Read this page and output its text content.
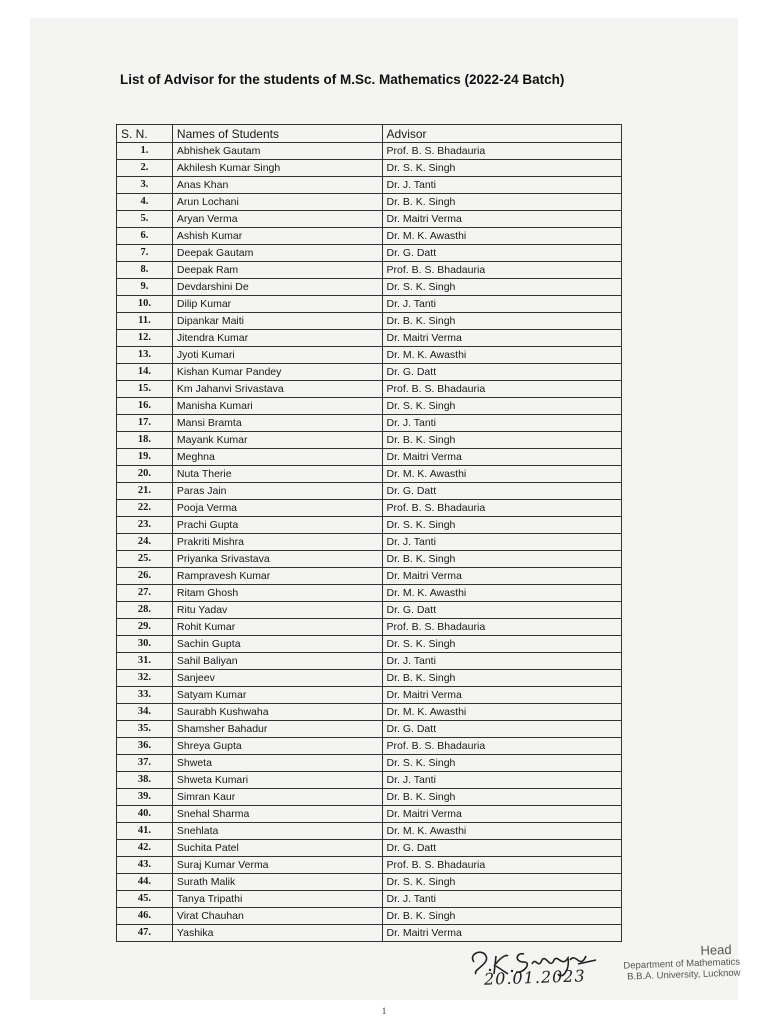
List of Advisor for the students of M.Sc. Mathematics (2022-24 Batch)
S. N.	Names of Students	Advisor
1.	Abhishek Gautam	Prof. B. S. Bhadauria
2.	Akhilesh Kumar Singh	Dr. S. K. Singh
3.	Anas Khan	Dr. J. Tanti
4.	Arun Lochani	Dr. B. K. Singh
5.	Aryan Verma	Dr. Maitri Verma
6.	Ashish Kumar	Dr. M. K. Awasthi
7.	Deepak Gautam	Dr. G. Datt
8.	Deepak Ram	Prof. B. S. Bhadauria
9.	Devdarshini De	Dr. S. K. Singh
10.	Dilip Kumar	Dr. J. Tanti
11.	Dipankar Maiti	Dr. B. K. Singh
12.	Jitendra Kumar	Dr. Maitri Verma
13.	Jyoti Kumari	Dr. M. K. Awasthi
14.	Kishan Kumar Pandey	Dr. G. Datt
15.	Km Jahanvi Srivastava	Prof. B. S. Bhadauria
16.	Manisha Kumari	Dr. S. K. Singh
17.	Mansi Bramta	Dr. J. Tanti
18.	Mayank Kumar	Dr. B. K. Singh
19.	Meghna	Dr. Maitri Verma
20.	Nuta Therie	Dr. M. K. Awasthi
21.	Paras Jain	Dr. G. Datt
22.	Pooja Verma	Prof. B. S. Bhadauria
23.	Prachi Gupta	Dr. S. K. Singh
24.	Prakriti Mishra	Dr. J. Tanti
25.	Priyanka Srivastava	Dr. B. K. Singh
26.	Rampravesh Kumar	Dr. Maitri Verma
27.	Ritam Ghosh	Dr. M. K. Awasthi
28.	Ritu Yadav	Dr. G. Datt
29.	Rohit Kumar	Prof. B. S. Bhadauria
30.	Sachin Gupta	Dr. S. K. Singh
31.	Sahil Baliyan	Dr. J. Tanti
32.	Sanjeev	Dr. B. K. Singh
33.	Satyam Kumar	Dr. Maitri Verma
34.	Saurabh Kushwaha	Dr. M. K. Awasthi
35.	Shamsher Bahadur	Dr. G. Datt
36.	Shreya Gupta	Prof. B. S. Bhadauria
37.	Shweta	Dr. S. K. Singh
38.	Shweta Kumari	Dr. J. Tanti
39.	Simran Kaur	Dr. B. K. Singh
40.	Snehal Sharma	Dr. Maitri Verma
41.	Snehlata	Dr. M. K. Awasthi
42.	Suchita Patel	Dr. G. Datt
43.	Suraj Kumar Verma	Prof. B. S. Bhadauria
44.	Surath Malik	Dr. S. K. Singh
45.	Tanya Tripathi	Dr. J. Tanti
46.	Virat Chauhan	Dr. B. K. Singh
47.	Yashika	Dr. Maitri Verma
20.01.2023
Head
Department of Mathematics
B.B.A. University, Lucknow
1
